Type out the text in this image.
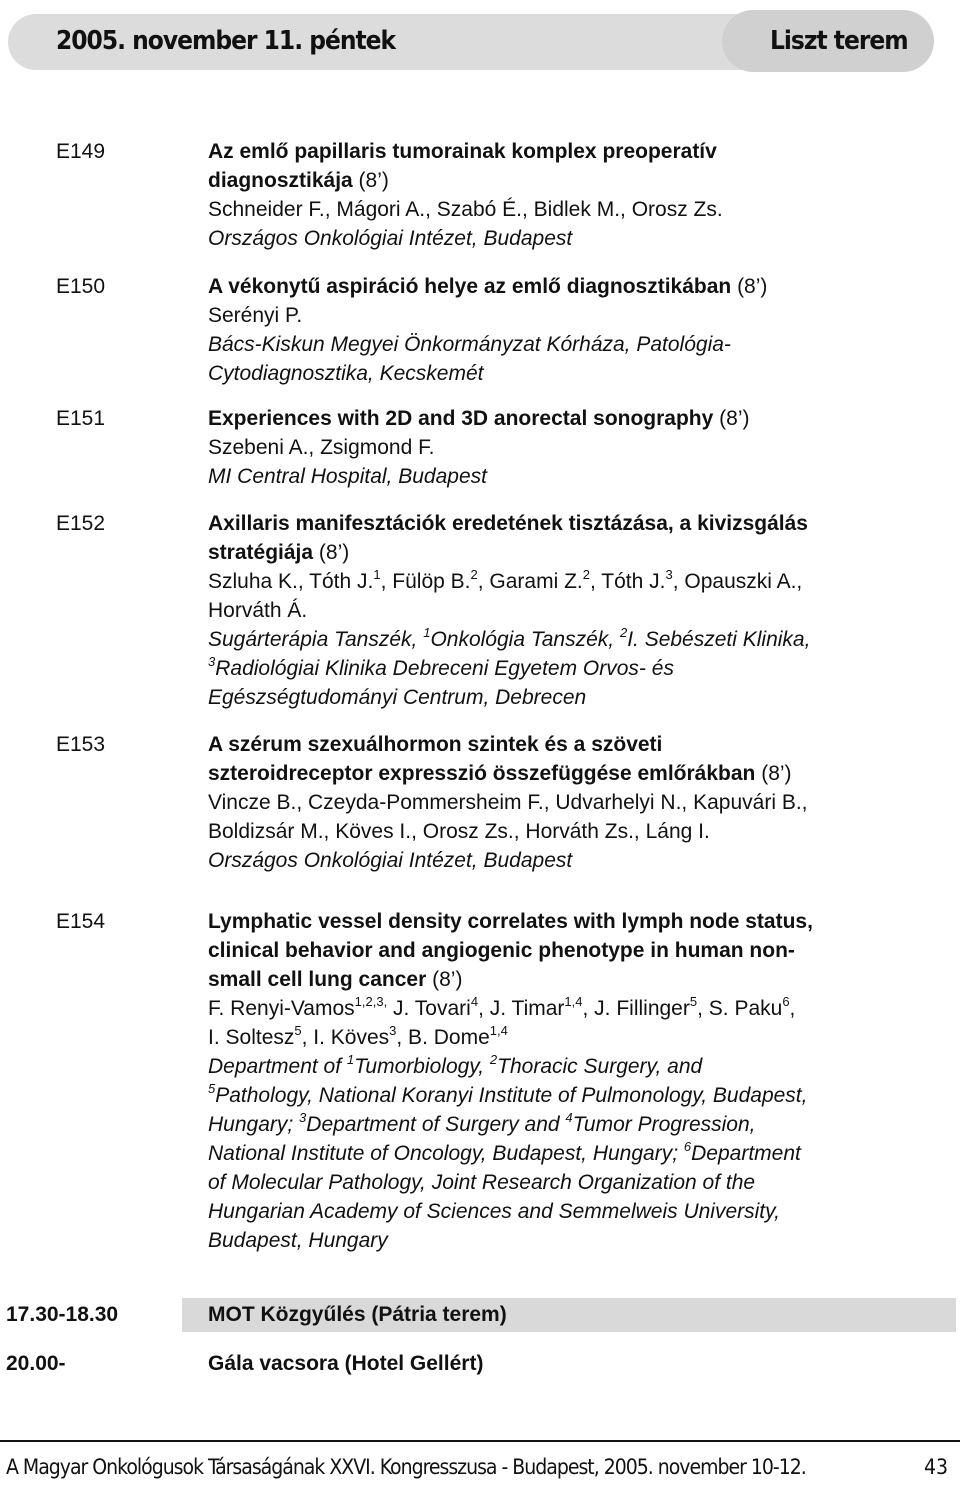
2005. november 11. péntek	Liszt terem
E149	Az emlő papillaris tumorainak komplex preoperatív
diagnosztikája (8’)
Schneider F., Mágori A., Szabó É., Bidlek M., Orosz Zs.
Országos Onkológiai Intézet, Budapest
E150	A vékonytű aspiráció helye az emlő diagnosztikában (8’)
Serényi P.
Bács-Kiskun Megyei Önkormányzat Kórháza, Patológia-
Cytodiagnosztika, Kecskemét
E151	Experiences with 2D and 3D anorectal sonography (8’)
Szebeni A., Zsigmond F.
MI Central Hospital, Budapest
E152	Axillaris manifesztációk eredetének tisztázása, a kivizsgálás
stratégiája (8’)
Szluha K., Tóth J.$^1$, Fülöp B.$^2$, Garami Z.$^2$, Tóth J.$^3$, Opauszki A.,
Horváth Á.
Sugárterápia Tanszék, $^1$Onkológia Tanszék, $^2$I. Sebészeti Klinika,
$^3$Radiológiai Klinika Debreceni Egyetem Orvos- és
Egészségtudományi Centrum, Debrecen
E153	A szérum szexuálhormon szintek és a szöveti
szteroidreceptor expresszió összefüggése emlőrákban (8’)
Vincze B., Czeyda-Pommersheim F., Udvarhelyi N., Kapuvári B.,
Boldizsár M., Köves I., Orosz Zs., Horváth Zs., Láng I.
Országos Onkológiai Intézet, Budapest
E154	Lymphatic vessel density correlates with lymph node status,
clinical behavior and angiogenic phenotype in human non-
small cell lung cancer (8’)
F. Renyi-Vamos$^{1,2,3,}$ J. Tovari$^4$, J. Timar$^{1,4}$, J. Fillinger$^5$, S. Paku$^6$,
I. Soltesz$^5$, I. Köves$^3$, B. Dome$^{1,4}$
Department of $^1$Tumorbiology, $^2$Thoracic Surgery, and
$^5$Pathology, National Koranyi Institute of Pulmonology, Budapest,
Hungary; $^3$Department of Surgery and $^4$Tumor Progression,
National Institute of Oncology, Budapest, Hungary; $^6$Department
of Molecular Pathology, Joint Research Organization of the
Hungarian Academy of Sciences and Semmelweis University,
Budapest, Hungary
17.30-18.30	MOT Közgyűlés (Pátria terem)
20.00-	Gála vacsora (Hotel Gellért)
A Magyar Onkológusok Társaságának XXVI. Kongresszusa - Budapest, 2005. november 10-12.	43
